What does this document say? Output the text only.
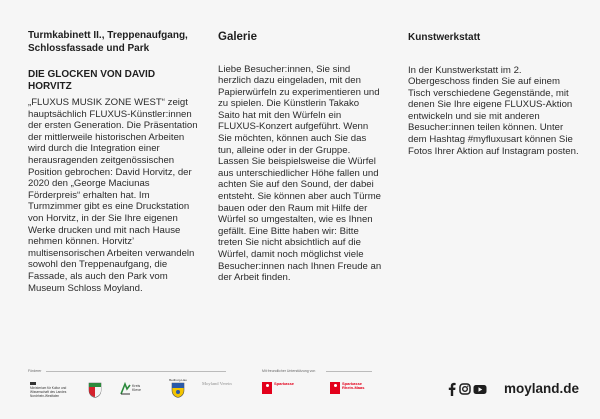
Turmkabinett II., Treppenaufgang, Schlossfassade und Park
DIE GLOCKEN VON DAVID HORVITZ

„FLUXUS MUSIK ZONE WEST“ zeigt hauptsächlich FLUXUS-Künstler:innen der ersten Generation. Die Präsentation der mittlerweile historischen Arbeiten wird durch die Integration einer herausragenden zeitgenössischen Position gebrochen: David Horvitz, der 2020 den „George Maciunas Förderpreis“ erhalten hat. Im Turmzimmer gibt es eine Druckstation von Horvitz, in der Sie Ihre eigenen Werke drucken und mit nach Hause nehmen können. Horvitz’ multisensorischen Arbeiten verwandeln sowohl den Treppenaufgang, die Fassade, als auch den Park vom Museum Schloss Moyland.

Galerie

Liebe Besucher:innen, Sie sind herzlich dazu eingeladen, mit den Papierwürfeln zu experimentieren und zu spielen. Die Künstlerin Takako Saito hat mit den Würfeln ein FLUXUS-Konzert aufgeführt. Wenn Sie möchten, können auch Sie das tun, alleine oder in der Gruppe. Lassen Sie beispielsweise die Würfel aus unterschiedlicher Höhe fallen und achten Sie auf den Sound, der dabei entsteht. Sie können aber auch Türme bauen oder den Raum mit Hilfe der Würfel so umgestalten, wie es Ihnen gefällt. Eine Bitte haben wir: Bitte treten Sie nicht absichtlich auf die Würfel, damit noch möglichst viele Besucher:innen nach Ihnen Freude an der Arbeit finden.

Kunstwerkstatt

In der Kunstwerkstatt im 2. Obergeschoss finden Sie auf einem Tisch verschiedene Gegenstände, mit denen Sie Ihre eigene FLUXUS-Aktion entwickeln und sie mit anderen Besucher:innen teilen können. Unter dem Hashtag #myfluxusart können Sie Fotos Ihrer Aktion auf Instagram posten.

Förderer	Mit freundlicher Unterstützung von
Ministerium für Kultur und Wissenschaft des Landes Nordrhein-Westfalen
Kreis Kleve
Bedburg-Hau
Moyland Verein	Sparkasse	Sparkasse Rhein-Maas	moyland.de
